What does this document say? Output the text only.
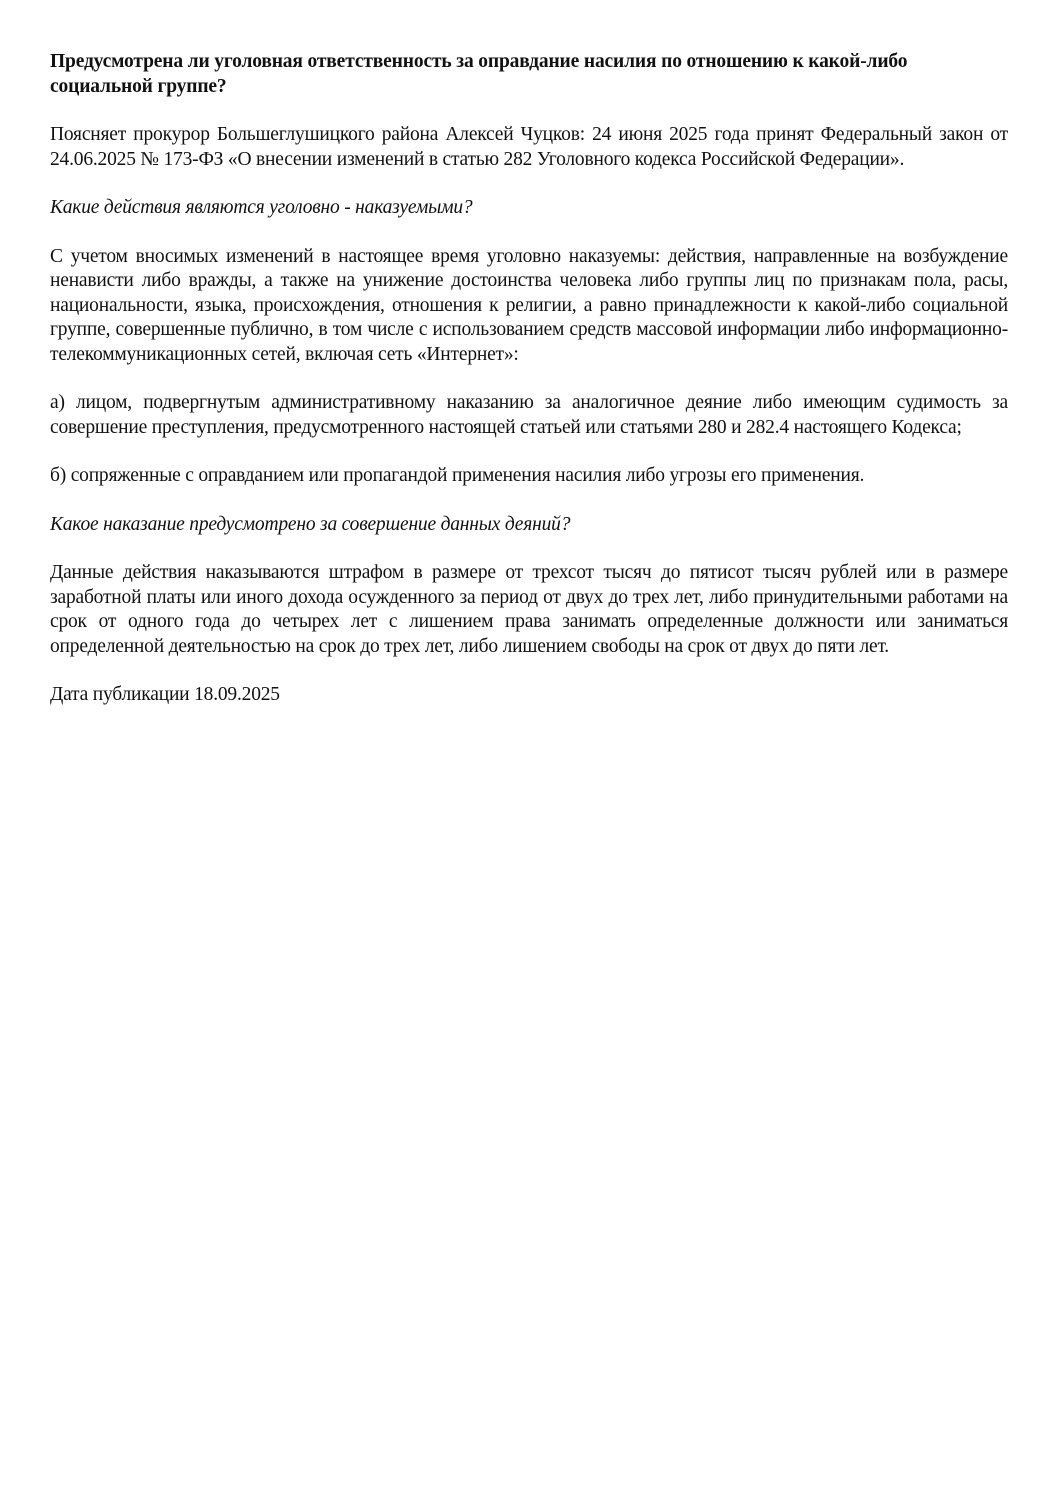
Предусмотрена ли уголовная ответственность за оправдание насилия по отношению к какой-либо социальной группе?

Поясняет прокурор Большеглушицкого района Алексей Чуцков: 24 июня 2025 года принят Федеральный закон от 24.06.2025 № 173-ФЗ «О внесении изменений в статью 282 Уголовного кодекса Российской Федерации».

Какие действия являются уголовно - наказуемыми?

С учетом вносимых изменений в настоящее время уголовно наказуемы: действия, направленные на возбуждение ненависти либо вражды, а также на унижение достоинства человека либо группы лиц по признакам пола, расы, национальности, языка, происхождения, отношения к религии, а равно принадлежности к какой-либо социальной группе, совершенные публично, в том числе с использованием средств массовой информации либо информационно-телекоммуникационных сетей, включая сеть «Интернет»:

а) лицом, подвергнутым административному наказанию за аналогичное деяние либо имеющим судимость за совершение преступления, предусмотренного настоящей статьей или статьями 280 и 282.4 настоящего Кодекса;

б) сопряженные с оправданием или пропагандой применения насилия либо угрозы его применения.

Какое наказание предусмотрено за совершение данных деяний?

Данные действия наказываются штрафом в размере от трехсот тысяч до пятисот тысяч рублей или в размере заработной платы или иного дохода осужденного за период от двух до трех лет, либо принудительными работами на срок от одного года до четырех лет с лишением права занимать определенные должности или заниматься определенной деятельностью на срок до трех лет, либо лишением свободы на срок от двух до пяти лет.

Дата публикации 18.09.2025
